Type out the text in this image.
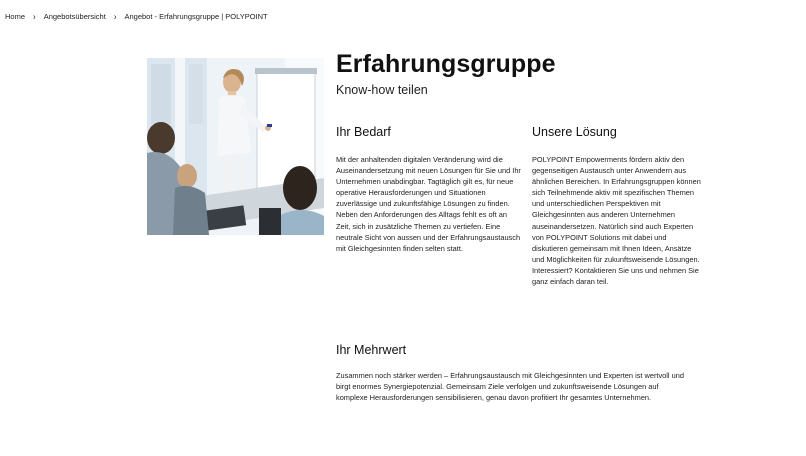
Home › Angebotsübersicht › Angebot - Erfahrungsgruppe | POLYPOINT
Erfahrungsgruppe
Know-how teilen
Ihr Bedarf

Mit der anhaltenden digitalen Veränderung wird die Auseinandersetzung mit neuen Lösungen für Sie und Ihr Unternehmen unabdingbar. Tagtäglich gilt es, für neue operative Herausforderungen und Situationen zuverlässige und zukunftsfähige Lösungen zu finden. Neben den Anforderungen des Alltags fehlt es oft an Zeit, sich in zusätzliche Themen zu vertiefen. Eine neutrale Sicht von aussen und der Erfahrungsaustausch mit Gleichgesinnten finden selten statt.

Unsere Lösung

POLYPOINT Empowerments fördern aktiv den gegenseitigen Austausch unter Anwendern aus ähnlichen Bereichen. In Erfahrungsgruppen können sich Teilnehmende aktiv mit spezifischen Themen und unterschiedlichen Perspektiven mit Gleichgesinnten aus anderen Unternehmen auseinandersetzen. Natürlich sind auch Experten von POLYPOINT Solutions mit dabei und diskutieren gemeinsam mit Ihnen Ideen, Ansätze und Möglichkeiten für zukunftsweisende Lösungen. Interessiert? Kontaktieren Sie uns und nehmen Sie ganz einfach daran teil.

Ihr Mehrwert

Zusammen noch stärker werden – Erfahrungsaustausch mit Gleichgesinnten und Experten ist wertvoll und birgt enormes Synergiepotenzial. Gemeinsam Ziele verfolgen und zukunftsweisende Lösungen auf komplexe Herausforderungen sensibilisieren, genau davon profitiert Ihr gesamtes Unternehmen.
